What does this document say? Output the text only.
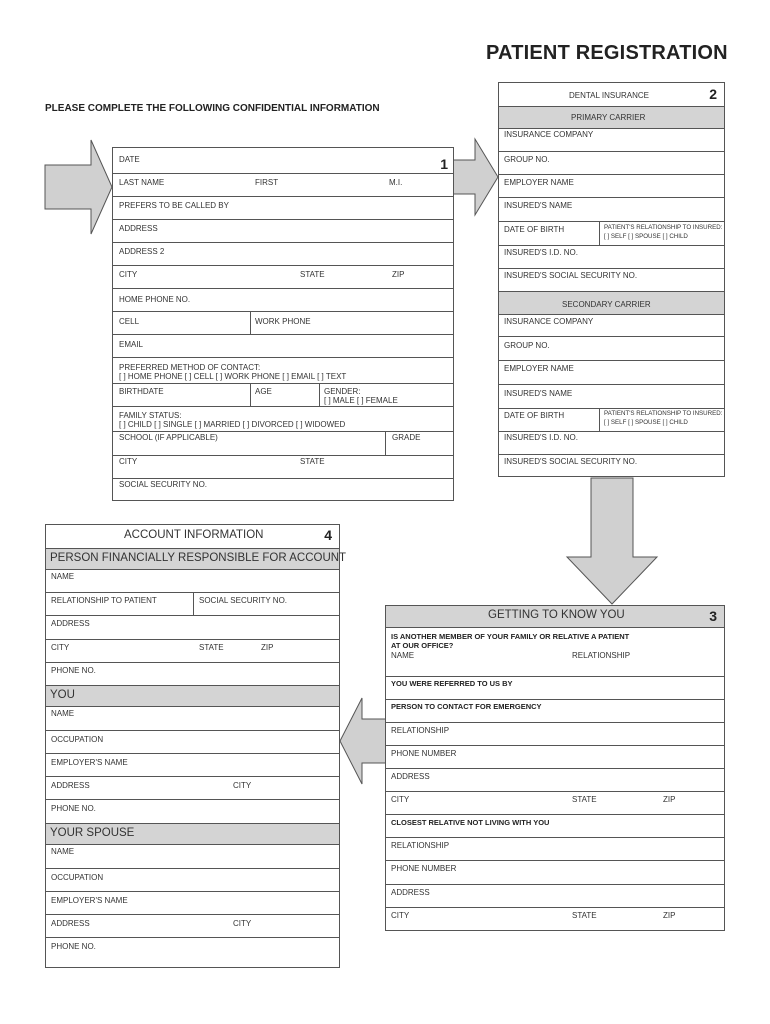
PATIENT REGISTRATION
PLEASE COMPLETE THE FOLLOWING CONFIDENTIAL INFORMATION
1
DATE
LAST NAME	FIRST	M.I.
PREFERS TO BE CALLED BY
ADDRESS
ADDRESS 2
CITY	STATE	ZIP
HOME PHONE NO.
CELL	WORK PHONE
EMAIL
PREFERRED METHOD OF CONTACT:
[ ] HOME PHONE [ ] CELL [ ] WORK PHONE [ ] EMAIL [ ] TEXT
BIRTHDATE	AGE	GENDER:
[ ] MALE [ ] FEMALE
FAMILY STATUS:
[ ] CHILD [ ] SINGLE [ ] MARRIED [ ] DIVORCED [ ] WIDOWED
SCHOOL (IF APPLICABLE)	GRADE
CITY	STATE
SOCIAL SECURITY NO.
DENTAL INSURANCE	2
PRIMARY CARRIER
INSURANCE COMPANY
GROUP NO.
EMPLOYER NAME
INSURED'S NAME
DATE OF BIRTH	PATIENT'S RELATIONSHIP TO INSURED:
[ ] SELF [ ] SPOUSE [ ] CHILD
INSURED'S I.D. NO.
INSURED'S SOCIAL SECURITY NO.
SECONDARY CARRIER
INSURANCE COMPANY
GROUP NO.
EMPLOYER NAME
INSURED'S NAME
DATE OF BIRTH	PATIENT'S RELATIONSHIP TO INSURED:
[ ] SELF [ ] SPOUSE [ ] CHILD
INSURED'S I.D. NO.
INSURED'S SOCIAL SECURITY NO.
GETTING TO KNOW YOU	3
IS ANOTHER MEMBER OF YOUR FAMILY OR RELATIVE A PATIENT
AT OUR OFFICE?
NAME	RELATIONSHIP
YOU WERE REFERRED TO US BY
PERSON TO CONTACT FOR EMERGENCY
RELATIONSHIP
PHONE NUMBER
ADDRESS
CITY	STATE	ZIP
CLOSEST RELATIVE NOT LIVING WITH YOU
RELATIONSHIP
PHONE NUMBER
ADDRESS
CITY	STATE	ZIP
ACCOUNT INFORMATION	4
PERSON FINANCIALLY RESPONSIBLE FOR ACCOUNT
NAME
RELATIONSHIP TO PATIENT	SOCIAL SECURITY NO.
ADDRESS
CITY	STATE	ZIP
PHONE NO.
YOU
NAME
OCCUPATION
EMPLOYER'S NAME
ADDRESS	CITY
PHONE NO.
YOUR SPOUSE
NAME
OCCUPATION
EMPLOYER'S NAME
ADDRESS	CITY
PHONE NO.
